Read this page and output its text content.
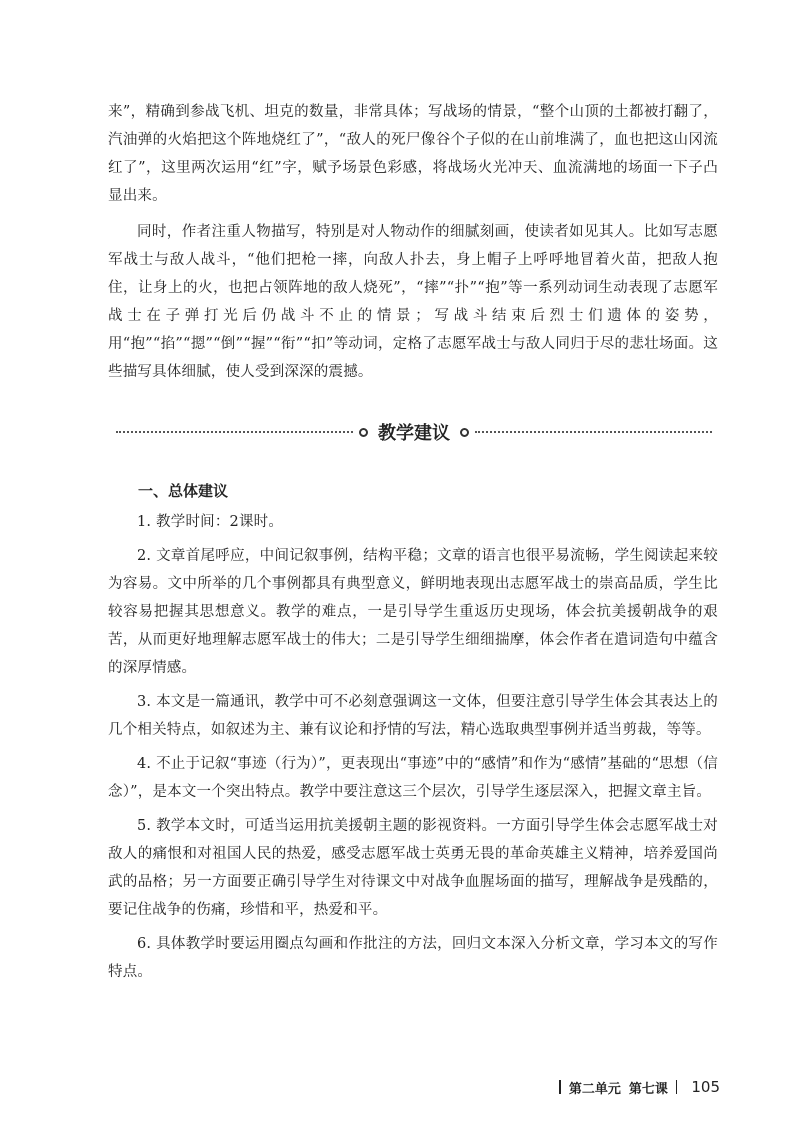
来”，精确到参战飞机、坦克的数量，非常具体；写战场的情景，“整个山顶的土都被打翻了，汽油弹的火焰把这个阵地烧红了”，“敌人的死尸像谷个子似的在山前堆满了，血也把这山冈流红了”，这里两次运用“红”字，赋予场景色彩感，将战场火光冲天、血流满地的场面一下子凸显出来。

同时，作者注重人物描写，特别是对人物动作的细腻刻画，使读者如见其人。比如写志愿军战士与敌人战斗，“他们把枪一摔，向敌人扑去，身上帽子上呼呼地冒着火苗，把敌人抱住，让身上的火，也把占领阵地的敌人烧死”，“摔”“扑”“抱”等一系列动词生动表现了志愿军战士在子弹打光后仍战斗不止的情景；写战斗结束后烈士们遗体的姿势，用“抱”“掐”“摁”“倒”“握”“衔”“扣”等动词，定格了志愿军战士与敌人同归于尽的悲壮场面。这些描写具体细腻，使人受到深深的震撼。

教学建议
一、总体建议

1. 教学时间：2课时。

2. 文章首尾呼应，中间记叙事例，结构平稳；文章的语言也很平易流畅，学生阅读起来较为容易。文中所举的几个事例都具有典型意义，鲜明地表现出志愿军战士的崇高品质，学生比较容易把握其思想意义。教学的难点，一是引导学生重返历史现场，体会抗美援朝战争的艰苦，从而更好地理解志愿军战士的伟大；二是引导学生细细揣摩，体会作者在遣词造句中蕴含的深厚情感。

3. 本文是一篇通讯，教学中可不必刻意强调这一文体，但要注意引导学生体会其表达上的几个相关特点，如叙述为主、兼有议论和抒情的写法，精心选取典型事例并适当剪裁，等等。

4. 不止于记叙“事迹（行为）”，更表现出“事迹”中的“感情”和作为“感情”基础的“思想（信念）”，是本文一个突出特点。教学中要注意这三个层次，引导学生逐层深入，把握文章主旨。

5. 教学本文时，可适当运用抗美援朝主题的影视资料。一方面引导学生体会志愿军战士对敌人的痛恨和对祖国人民的热爱，感受志愿军战士英勇无畏的革命英雄主义精神，培养爱国尚武的品格；另一方面要正确引导学生对待课文中对战争血腥场面的描写，理解战争是残酷的，要记住战争的伤痛，珍惜和平，热爱和平。

6. 具体教学时要运用圈点勾画和作批注的方法，回归文本深入分析文章，学习本文的写作特点。

第二单元 第七课 105
